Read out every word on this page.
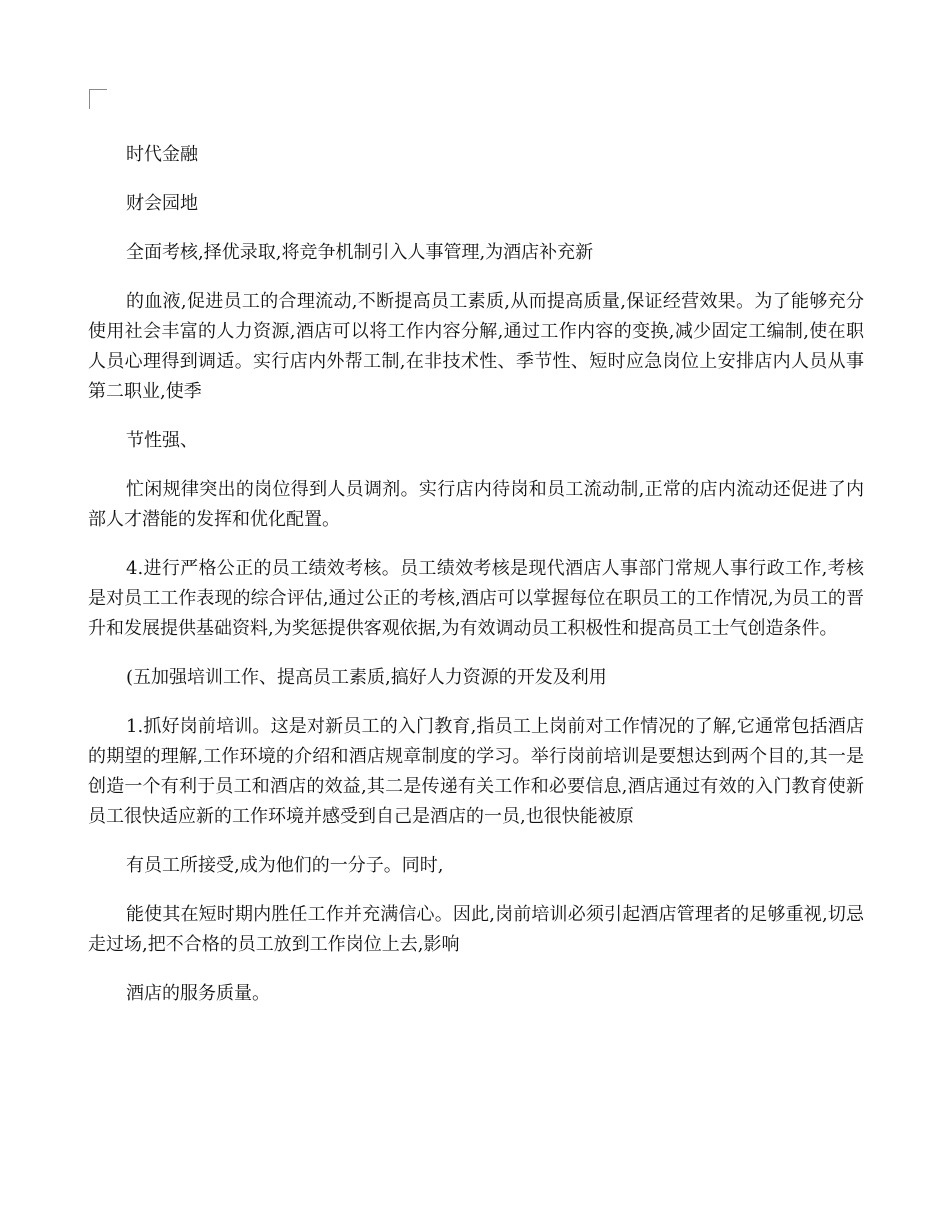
时代金融

财会园地

全面考核,择优录取,将竞争机制引入人事管理,为酒店补充新

的血液,促进员工的合理流动,不断提高员工素质,从而提高质量,保证经营效果。为了能够充分使用社会丰富的人力资源,酒店可以将工作内容分解,通过工作内容的变换,减少固定工编制,使在职人员心理得到调适。实行店内外帮工制,在非技术性、季节性、短时应急岗位上安排店内人员从事第二职业,使季

节性强、

忙闲规律突出的岗位得到人员调剂。实行店内待岗和员工流动制,正常的店内流动还促进了内部人才潜能的发挥和优化配置。

4.进行严格公正的员工绩效考核。员工绩效考核是现代酒店人事部门常规人事行政工作,考核是对员工工作表现的综合评估,通过公正的考核,酒店可以掌握每位在职员工的工作情况,为员工的晋升和发展提供基础资料,为奖惩提供客观依据,为有效调动员工积极性和提高员工士气创造条件。

(五加强培训工作、提高员工素质,搞好人力资源的开发及利用

1.抓好岗前培训。这是对新员工的入门教育,指员工上岗前对工作情况的了解,它通常包括酒店的期望的理解,工作环境的介绍和酒店规章制度的学习。举行岗前培训是要想达到两个目的,其一是创造一个有利于员工和酒店的效益,其二是传递有关工作和必要信息,酒店通过有效的入门教育使新员工很快适应新的工作环境并感受到自己是酒店的一员,也很快能被原

有员工所接受,成为他们的一分子。同时,

能使其在短时期内胜任工作并充满信心。因此,岗前培训必须引起酒店管理者的足够重视,切忌走过场,把不合格的员工放到工作岗位上去,影响

酒店的服务质量。
